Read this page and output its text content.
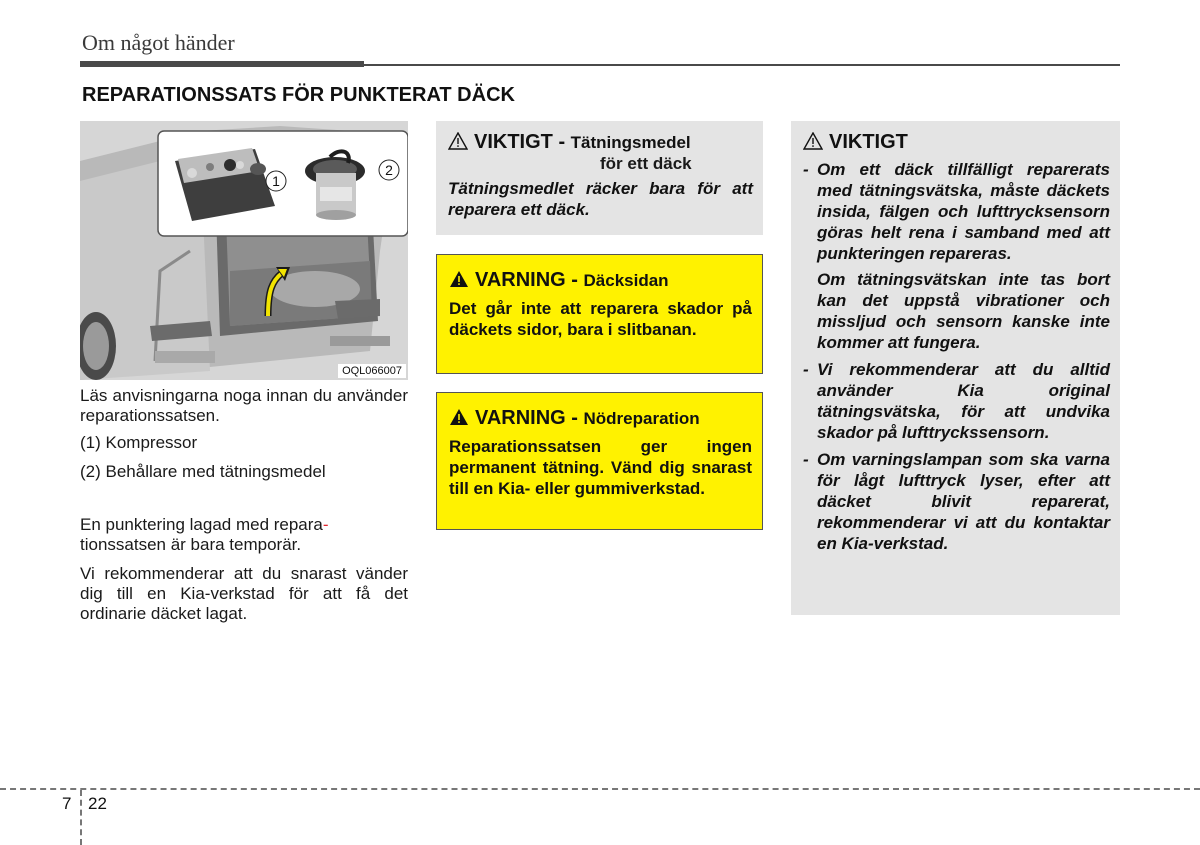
Om något händer
REPARATIONSSATS FÖR PUNKTERAT DÄCK
1
2
OQL066007

Läs anvisningarna noga innan du använder reparationssatsen.

(1) Kompressor

(2) Behållare med tätningsmedel

En punktering lagad med repara-
tionssatsen är bara temporär.

Vi rekommenderar att du snarast vänder dig till en Kia-verkstad för att få det ordinarie däcket lagat.

VIKTIGT - Tätningsmedel
för ett däck
Tätningsmedlet räcker bara för att reparera ett däck.
VARNING - Däcksidan
Det går inte att reparera skador på däckets sidor, bara i slitbanan.
VARNING - Nödreparation
Reparationssatsen ger ingen permanent tätning. Vänd dig snarast till en Kia- eller gummiverkstad.
VIKTIGT
- Om ett däck tillfälligt reparerats med tätningsvätska, måste däckets insida, fälgen och lufttrycksensorn göras helt rena i samband med att punkteringen repareras.
Om tätningsvätskan inte tas bort kan det uppstå vibrationer och missljud och sensorn kanske inte kommer att fungera.
- Vi rekommenderar att du alltid använder Kia original tätningsvätska, för att undvika skador på lufttryckssensorn.
- Om varningslampan som ska varna för lågt lufttryck lyser, efter att däcket blivit reparerat, rekommenderar vi att du kontaktar en Kia-verkstad.
7 22
